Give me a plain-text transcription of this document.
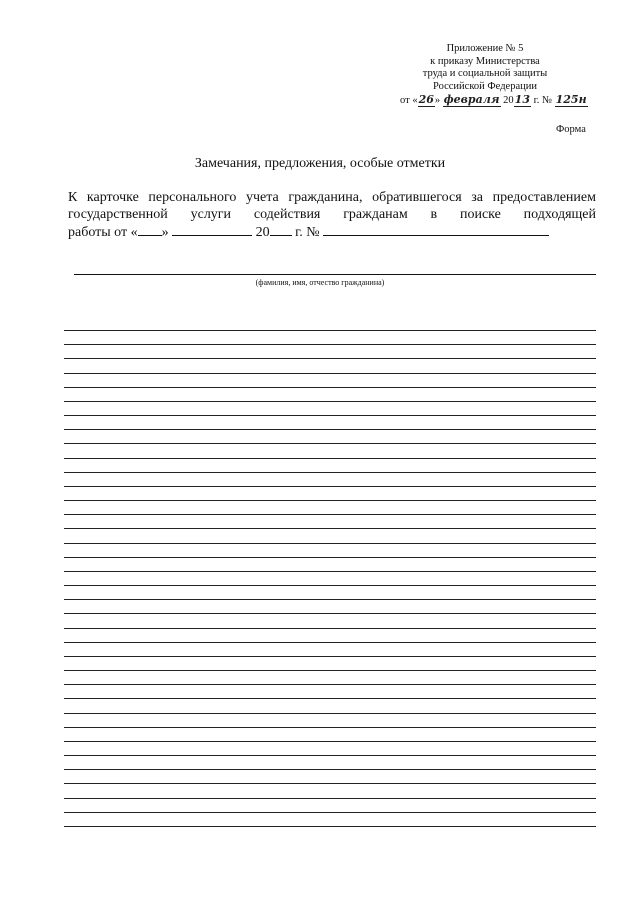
Приложение № 5
к приказу Министерства
труда и социальной защиты
Российской Федерации
от «26» февраля 2013 г. № 125н
Форма
Замечания, предложения, особые отметки
К карточке персонального учета гражданина, обратившегося за предоставлением
государственной услуги содействия гражданам в поиске подходящей
работы от « »	20 г. №
(фамилия, имя, отчество гражданина)
